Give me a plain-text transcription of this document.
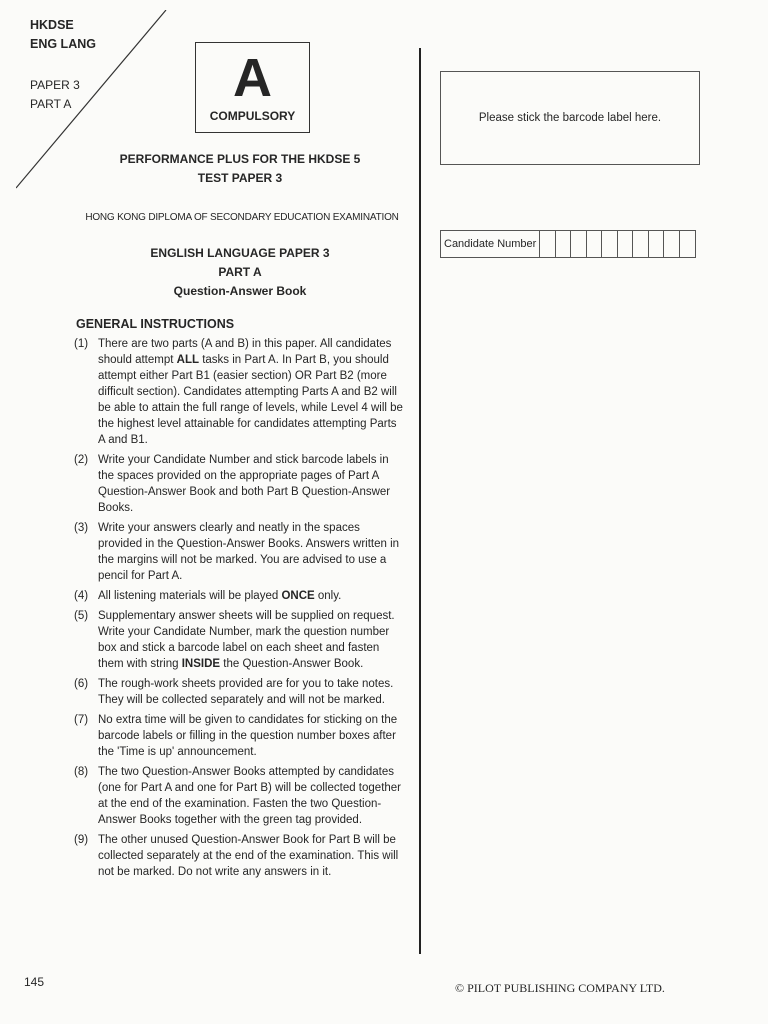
HKDSE
ENG LANG
PAPER 3
PART A	A
COMPULSORY
PERFORMANCE PLUS FOR THE HKDSE 5
TEST PAPER 3
HONG KONG DIPLOMA OF SECONDARY EDUCATION EXAMINATION
ENGLISH LANGUAGE PAPER 3
PART A
Question-Answer Book
Please stick the barcode label here.
Candidate Number
GENERAL INSTRUCTIONS
(1) There are two parts (A and B) in this paper. All candidates should attempt ALL tasks in Part A. In Part B, you should attempt either Part B1 (easier section) OR Part B2 (more difficult section). Candidates attempting Parts A and B2 will be able to attain the full range of levels, while Level 4 will be the highest level attainable for candidates attempting Parts A and B1.
(2) Write your Candidate Number and stick barcode labels in the spaces provided on the appropriate pages of Part A Question-Answer Book and both Part B Question-Answer Books.
(3) Write your answers clearly and neatly in the spaces provided in the Question-Answer Books. Answers written in the margins will not be marked. You are advised to use a pencil for Part A.
(4) All listening materials will be played ONCE only.
(5) Supplementary answer sheets will be supplied on request. Write your Candidate Number, mark the question number box and stick a barcode label on each sheet and fasten them with string INSIDE the Question-Answer Book.
(6) The rough-work sheets provided are for you to take notes. They will be collected separately and will not be marked.
(7) No extra time will be given to candidates for sticking on the barcode labels or filling in the question number boxes after the 'Time is up' announcement.
(8) The two Question-Answer Books attempted by candidates (one for Part A and one for Part B) will be collected together at the end of the examination. Fasten the two Question-Answer Books together with the green tag provided.
(9) The other unused Question-Answer Book for Part B will be collected separately at the end of the examination. This will not be marked. Do not write any answers in it.
145	© PILOT PUBLISHING COMPANY LTD.
